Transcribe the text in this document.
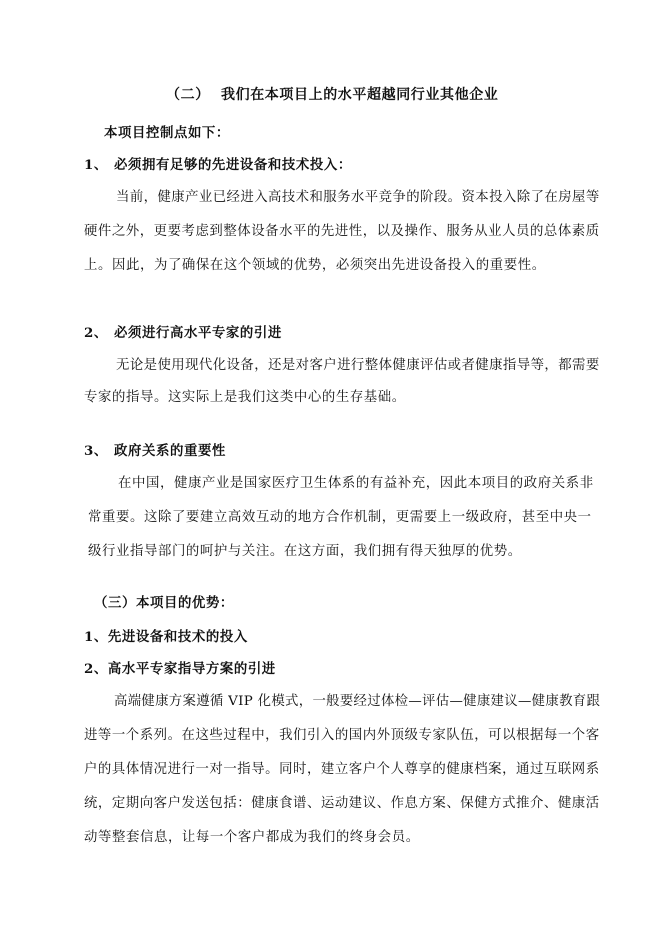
（二） 我们在本项目上的水平超越同行业其他企业
本项目控制点如下：
1、 必须拥有足够的先进设备和技术投入：
当前，健康产业已经进入高技术和服务水平竞争的阶段。资本投入除了在房屋等
硬件之外，更要考虑到整体设备水平的先进性，以及操作、服务从业人员的总体素质
上。因此，为了确保在这个领域的优势，必须突出先进设备投入的重要性。
2、 必须进行高水平专家的引进
无论是使用现代化设备，还是对客户进行整体健康评估或者健康指导等，都需要
专家的指导。这实际上是我们这类中心的生存基础。
3、 政府关系的重要性
在中国，健康产业是国家医疗卫生体系的有益补充，因此本项目的政府关系非
常重要。这除了要建立高效互动的地方合作机制，更需要上一级政府，甚至中央一
级行业指导部门的呵护与关注。在这方面，我们拥有得天独厚的优势。
（三）本项目的优势：
1、先进设备和技术的投入
2、高水平专家指导方案的引进
高端健康方案遵循 VIP 化模式，一般要经过体检—评估—健康建议—健康教育跟
进等一个系列。在这些过程中，我们引入的国内外顶级专家队伍，可以根据每一个客
户的具体情况进行一对一指导。同时，建立客户个人尊享的健康档案，通过互联网系
统，定期向客户发送包括：健康食谱、运动建议、作息方案、保健方式推介、健康活
动等整套信息，让每一个客户都成为我们的终身会员。
